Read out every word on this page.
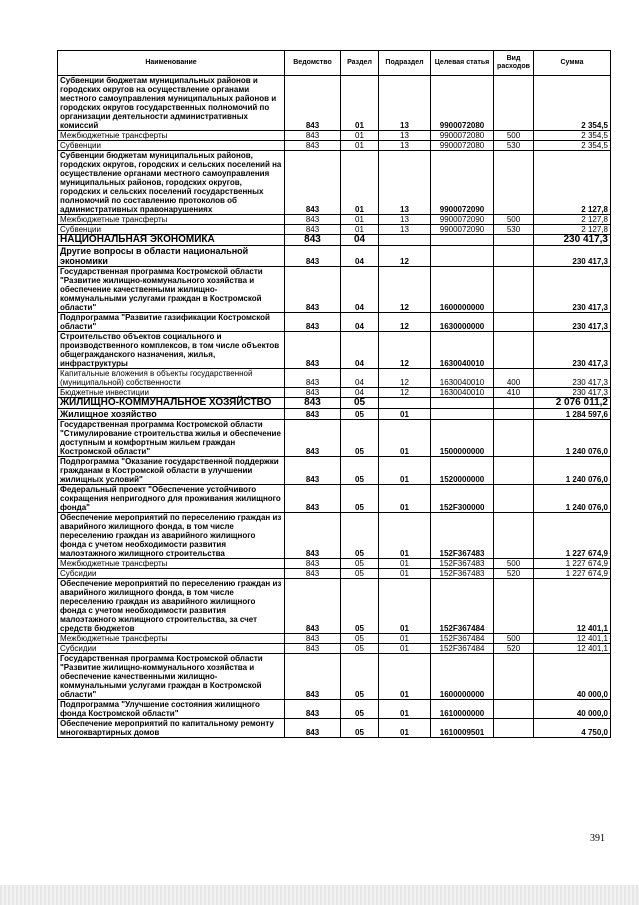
Наименование	Ведомство	Раздел	Подраздел	Целевая статья	Вид расходов	Сумма
Субвенции бюджетам муниципальных районов и городских округов на осуществление органами местного самоуправления муниципальных районов и городских округов государственных полномочий по организации деятельности административных комиссий	843	01	13	9900072080		2 354,5
Межбюджетные трансферты	843	01	13	9900072080	500	2 354,5
Субвенции	843	01	13	9900072080	530	2 354,5
Субвенции бюджетам муниципальных районов, городских округов, городских и сельских поселений на осуществление органами местного самоуправления муниципальных районов, городских округов, городских и сельских поселений государственных полномочий по составлению протоколов об административных правонарушениях	843	01	13	9900072090		2 127,8
Межбюджетные трансферты	843	01	13	9900072090	500	2 127,8
Субвенции	843	01	13	9900072090	530	2 127,8
НАЦИОНАЛЬНАЯ ЭКОНОМИКА	843	04				230 417,3
Другие вопросы в области национальной экономики	843	04	12			230 417,3
Государственная программа Костромской области "Развитие жилищно-коммунального хозяйства и обеспечение качественными жилищно-коммунальными услугами граждан в Костромской области"	843	04	12	1600000000		230 417,3
Подпрограмма "Развитие газификации Костромской области"	843	04	12	1630000000		230 417,3
Строительство объектов социального и производственного комплексов, в том числе объектов общегражданского назначения, жилья, инфраструктуры	843	04	12	1630040010		230 417,3
Капитальные вложения в объекты государственной (муниципальной) собственности	843	04	12	1630040010	400	230 417,3
Бюджетные инвестиции	843	04	12	1630040010	410	230 417,3
ЖИЛИЩНО-КОММУНАЛЬНОЕ ХОЗЯЙСТВО	843	05				2 076 011,2
Жилищное хозяйство	843	05	01			1 284 597,6
Государственная программа Костромской области "Стимулирование строительства жилья и обеспечение доступным и комфортным жильем граждан Костромской области"	843	05	01	1500000000		1 240 076,0
Подпрограмма "Оказание государственной поддержки гражданам в Костромской области в улучшении жилищных условий"	843	05	01	1520000000		1 240 076,0
Федеральный проект "Обеспечение устойчивого сокращения непригодного для проживания жилищного фонда"	843	05	01	152F300000		1 240 076,0
Обеспечение мероприятий по переселению граждан из аварийного жилищного фонда, в том числе переселению граждан из аварийного жилищного фонда с учетом необходимости развития малоэтажного жилищного строительства	843	05	01	152F367483		1 227 674,9
Межбюджетные трансферты	843	05	01	152F367483	500	1 227 674,9
Субсидии	843	05	01	152F367483	520	1 227 674,9
Обеспечение мероприятий по переселению граждан из аварийного жилищного фонда, в том числе переселению граждан из аварийного жилищного фонда с учетом необходимости развития малоэтажного жилищного строительства, за счет средств бюджетов	843	05	01	152F367484		12 401,1
Межбюджетные трансферты	843	05	01	152F367484	500	12 401,1
Субсидии	843	05	01	152F367484	520	12 401,1
Государственная программа Костромской области "Развитие жилищно-коммунального хозяйства и обеспечение качественными жилищно-коммунальными услугами граждан в Костромской области"	843	05	01	1600000000		40 000,0
Подпрограмма "Улучшение состояния жилищного фонда Костромской области"	843	05	01	1610000000		40 000,0
Обеспечение мероприятий по капитальному ремонту многоквартирных домов	843	05	01	1610009501		4 750,0
391
